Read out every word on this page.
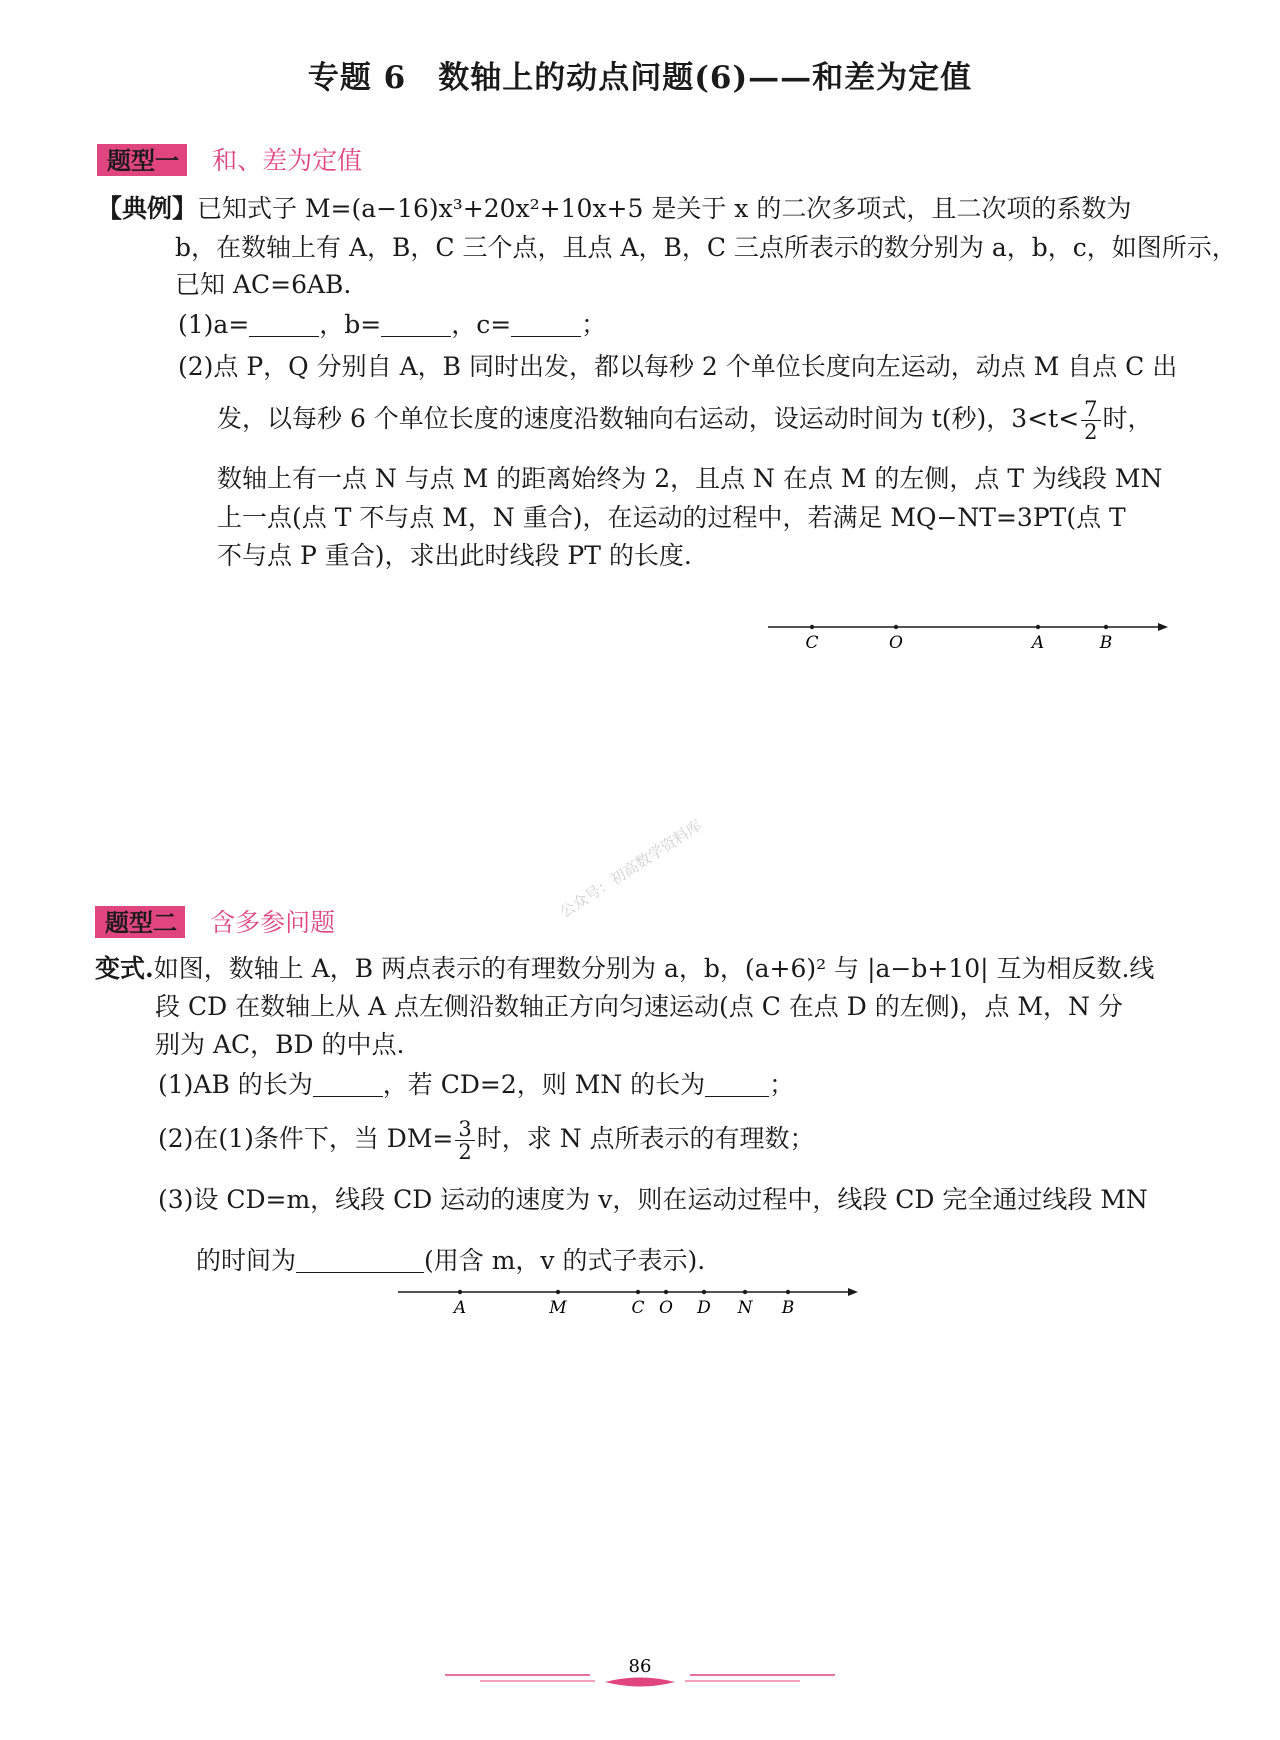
专题 6　数轴上的动点问题(6)——和差为定值
公众号：初高数学资料库
题型一 和、差为定值
【典例】已知式子 M=(a−16)x³+20x²+10x+5 是关于 x 的二次多项式，且二次项的系数为
b，在数轴上有 A，B，C 三个点，且点 A，B，C 三点所表示的数分别为 a，b，c，如图所示，
已知 AC=6AB.
(1)a=	，b=	，c=	；
(2)点 P，Q 分别自 A，B 同时出发，都以每秒 2 个单位长度向左运动，动点 M 自点 C 出
发，以每秒 6 个单位长度的速度沿数轴向右运动，设运动时间为 t(秒)，$3<t< \frac{7}{2}$ 时，
数轴上有一点 N 与点 M 的距离始终为 2，且点 N 在点 M 的左侧，点 T 为线段 MN
上一点(点 T 不与点 M，N 重合)，在运动的过程中，若满足 MQ−NT=3PT(点 T
不与点 P 重合)，求出此时线段 PT 的长度.
C	O	A	B
题型二 含多参问题
变式.如图，数轴上 A，B 两点表示的有理数分别为 a，b，(a+6)² 与 |a−b+10| 互为相反数.线
段 CD 在数轴上从 A 点左侧沿数轴正方向匀速运动(点 C 在点 D 的左侧)，点 M，N 分
别为 AC，BD 的中点.
(1)AB 的长为	，若 CD=2，则 MN 的长为	；
(2)在(1)条件下，当 $DM= \frac{3}{2}$ 时，求 N 点所表示的有理数；
(3)设 CD=m，线段 CD 运动的速度为 v，则在运动过程中，线段 CD 完全通过线段 MN
的时间为	(用含 m，v 的式子表示).
A	M	C O D N B
86
